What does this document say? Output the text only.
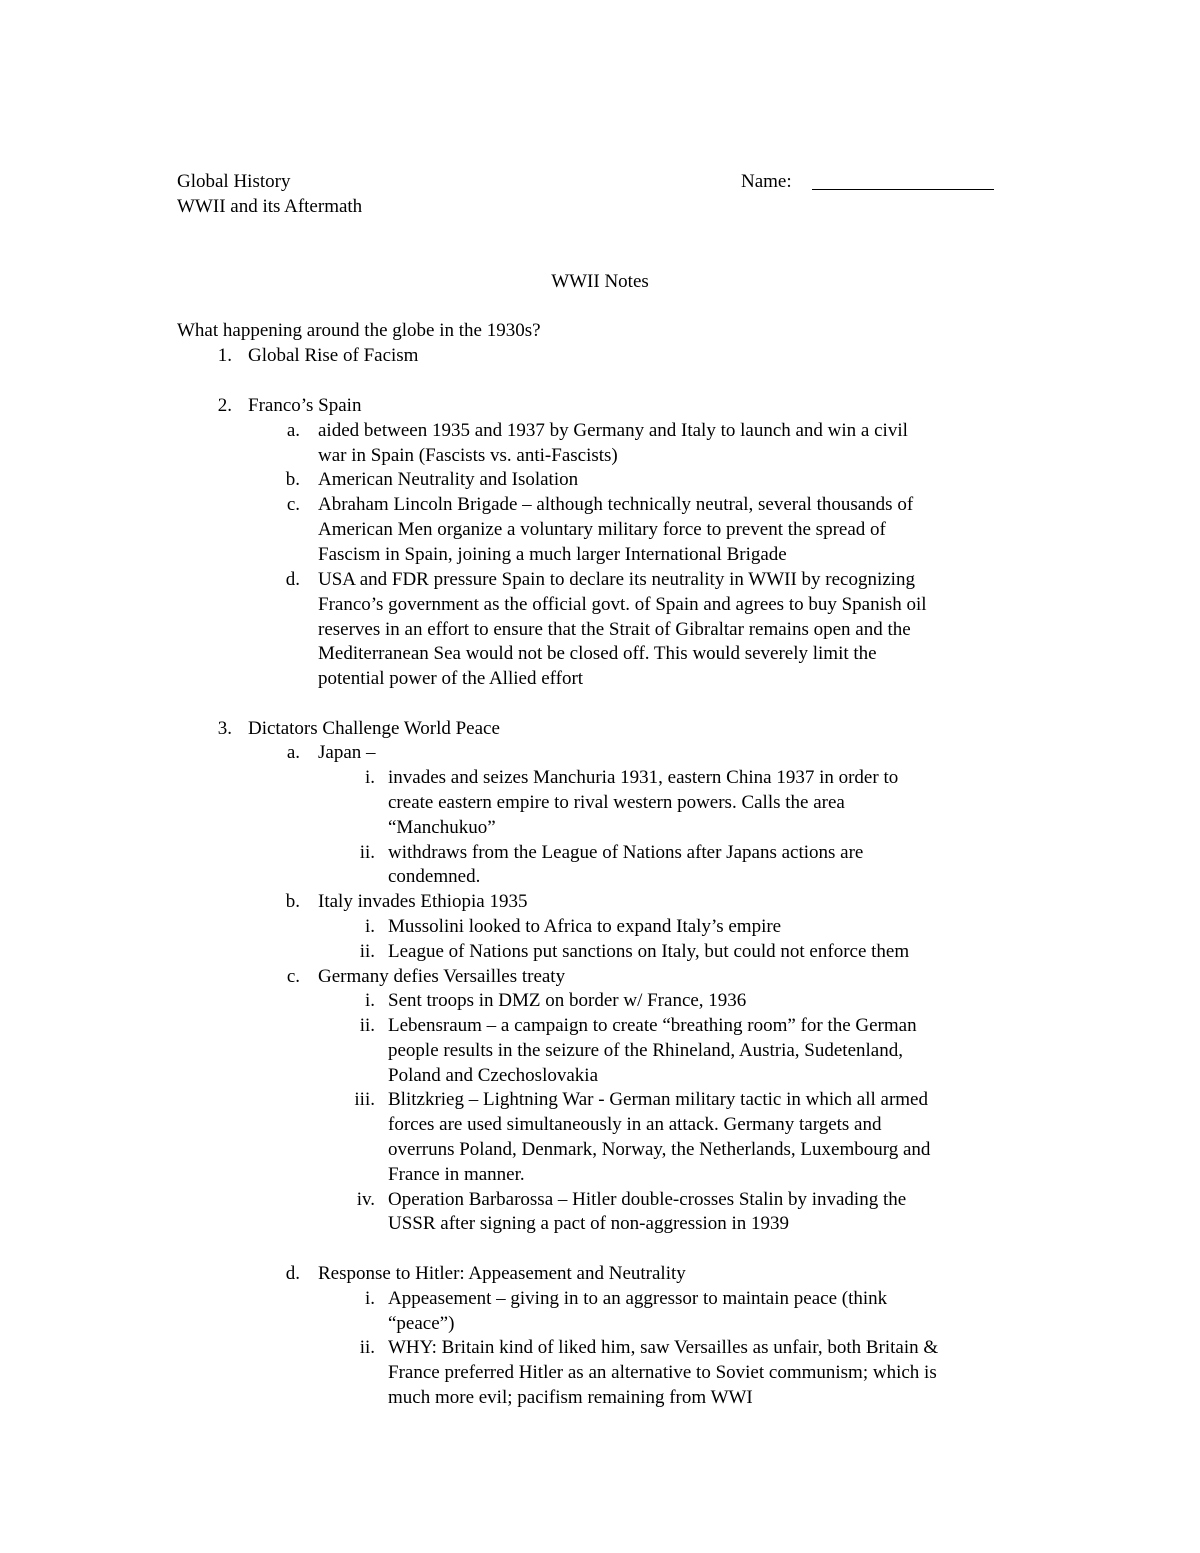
Global History
WWII and its Aftermath
Name:
WWII Notes
What happening around the globe in the 1930s?
1. Global Rise of Facism
2. Franco’s Spain
a. aided between 1935 and 1937 by Germany and Italy to launch and win a civil
war in Spain (Fascists vs. anti-Fascists)
b. American Neutrality and Isolation
c. Abraham Lincoln Brigade – although technically neutral, several thousands of
American Men organize a voluntary military force to prevent the spread of
Fascism in Spain, joining a much larger International Brigade
d. USA and FDR pressure Spain to declare its neutrality in WWII by recognizing
Franco’s government as the official govt. of Spain and agrees to buy Spanish oil
reserves in an effort to ensure that the Strait of Gibraltar remains open and the
Mediterranean Sea would not be closed off. This would severely limit the
potential power of the Allied effort
3. Dictators Challenge World Peace
a. Japan –
i. invades and seizes Manchuria 1931, eastern China 1937 in order to
create eastern empire to rival western powers. Calls the area
“Manchukuo”
ii. withdraws from the League of Nations after Japans actions are
condemned.
b. Italy invades Ethiopia 1935
i. Mussolini looked to Africa to expand Italy’s empire
ii. League of Nations put sanctions on Italy, but could not enforce them
c. Germany defies Versailles treaty
i. Sent troops in DMZ on border w/ France, 1936
ii. Lebensraum – a campaign to create “breathing room” for the German
people results in the seizure of the Rhineland, Austria, Sudetenland,
Poland and Czechoslovakia
iii. Blitzkrieg – Lightning War - German military tactic in which all armed
forces are used simultaneously in an attack. Germany targets and
overruns Poland, Denmark, Norway, the Netherlands, Luxembourg and
France in manner.
iv. Operation Barbarossa – Hitler double-crosses Stalin by invading the
USSR after signing a pact of non-aggression in 1939
d. Response to Hitler: Appeasement and Neutrality
i. Appeasement – giving in to an aggressor to maintain peace (think
“peace”)
ii. WHY: Britain kind of liked him, saw Versailles as unfair, both Britain &
France preferred Hitler as an alternative to Soviet communism; which is
much more evil; pacifism remaining from WWI
